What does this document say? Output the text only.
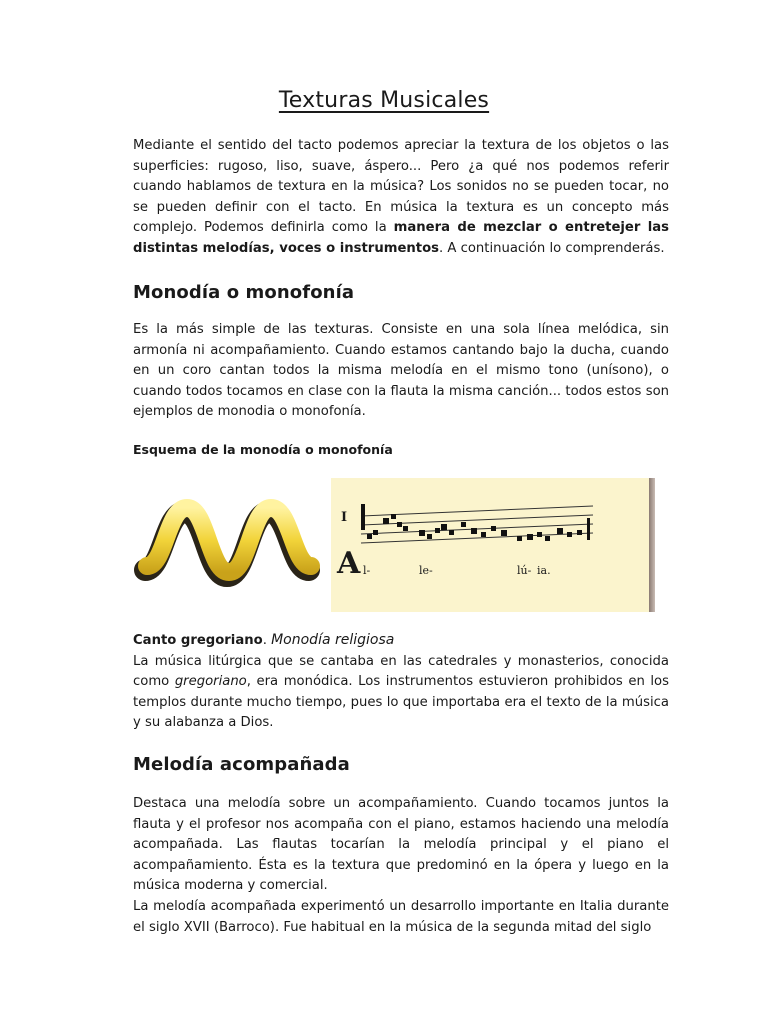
Texturas Musicales

Mediante el sentido del tacto podemos apreciar la textura de los objetos o las superficies: rugoso, liso, suave, áspero... Pero ¿a qué nos podemos referir cuando hablamos de textura en la música? Los sonidos no se pueden tocar, no se pueden definir con el tacto. En música la textura es un concepto más complejo. Podemos definirla como la manera de mezclar o entretejer las distintas melodías, voces o instrumentos. A continuación lo comprenderás.

Monodía o monofonía

Es la más simple de las texturas. Consiste en una sola línea melódica, sin armonía ni acompañamiento. Cuando estamos cantando bajo la ducha, cuando en un coro cantan todos la misma melodía en el mismo tono (unísono), o cuando todos tocamos en clase con la flauta la misma canción... todos estos son ejemplos de monodia o monofonía.

Esquema de la monodía o monofonía

I
A l-	le-	lú- ia.

Canto gregoriano. Monodía religiosa
La música litúrgica que se cantaba en las catedrales y monasterios, conocida como gregoriano, era monódica. Los instrumentos estuvieron prohibidos en los templos durante mucho tiempo, pues lo que importaba era el texto de la música y su alabanza a Dios.

Melodía acompañada

Destaca una melodía sobre un acompañamiento. Cuando tocamos juntos la flauta y el profesor nos acompaña con el piano, estamos haciendo una melodía acompañada. Las flautas tocarían la melodía principal y el piano el acompañamiento. Ésta es la textura que predominó en la ópera y luego en la música moderna y comercial.
La melodía acompañada experimentó un desarrollo importante en Italia durante el siglo XVII (Barroco). Fue habitual en la música de la segunda mitad del siglo
